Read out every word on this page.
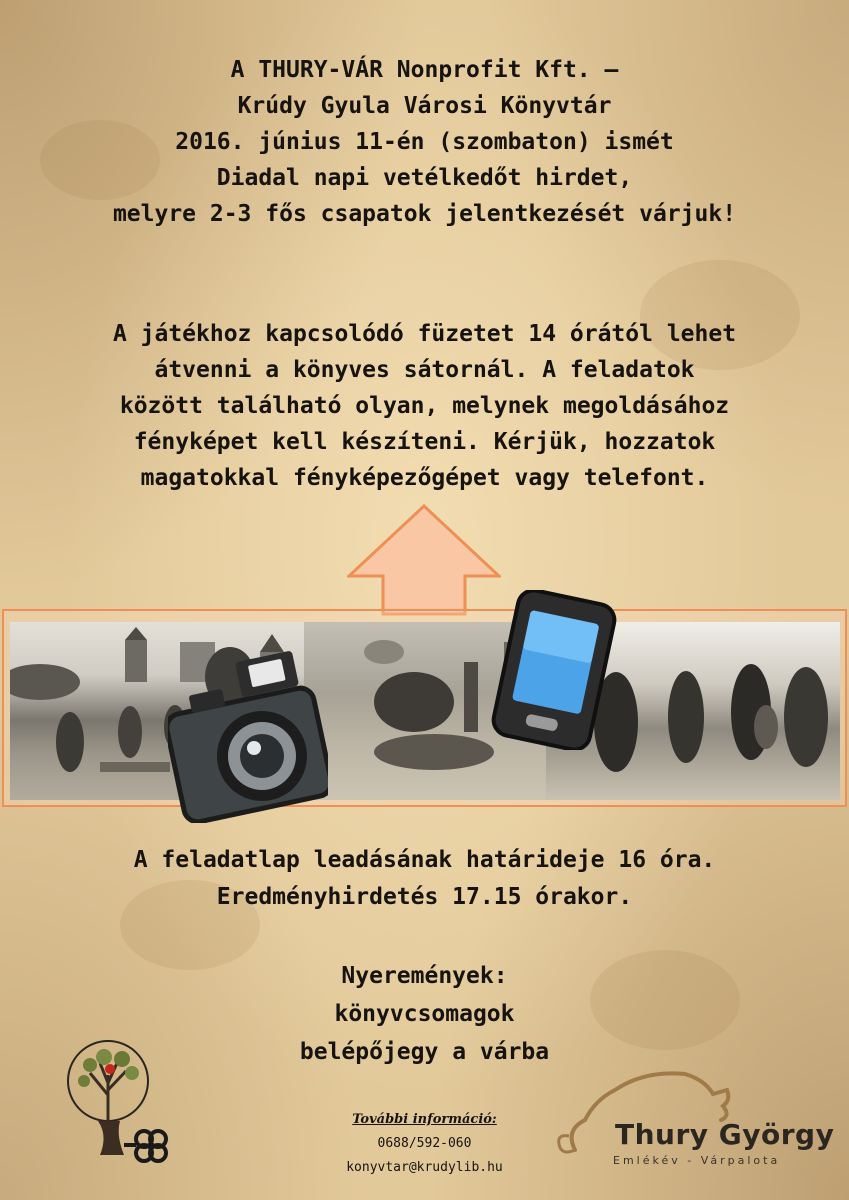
A THURY-VÁR Nonprofit Kft. –
Krúdy Gyula Városi Könyvtár
2016. június 11-én (szombaton) ismét
Diadal napi vetélkedőt hirdet,
melyre 2-3 fős csapatok jelentkezését várjuk!
A játékhoz kapcsolódó füzetet 14 órától lehet
átvenni a könyves sátornál. A feladatok
között található olyan, melynek megoldásához
fényképet kell készíteni. Kérjük, hozzatok
magatokkal fényképezőgépet vagy telefont.
A feladatlap leadásának határideje 16 óra.
Eredményhirdetés 17.15 órakor.
Nyeremények:
könyvcsomagok
belépőjegy a várba
További információ:
0688/592-060
konyvtar@krudylib.hu
Thury György
Emlékév - Várpalota
